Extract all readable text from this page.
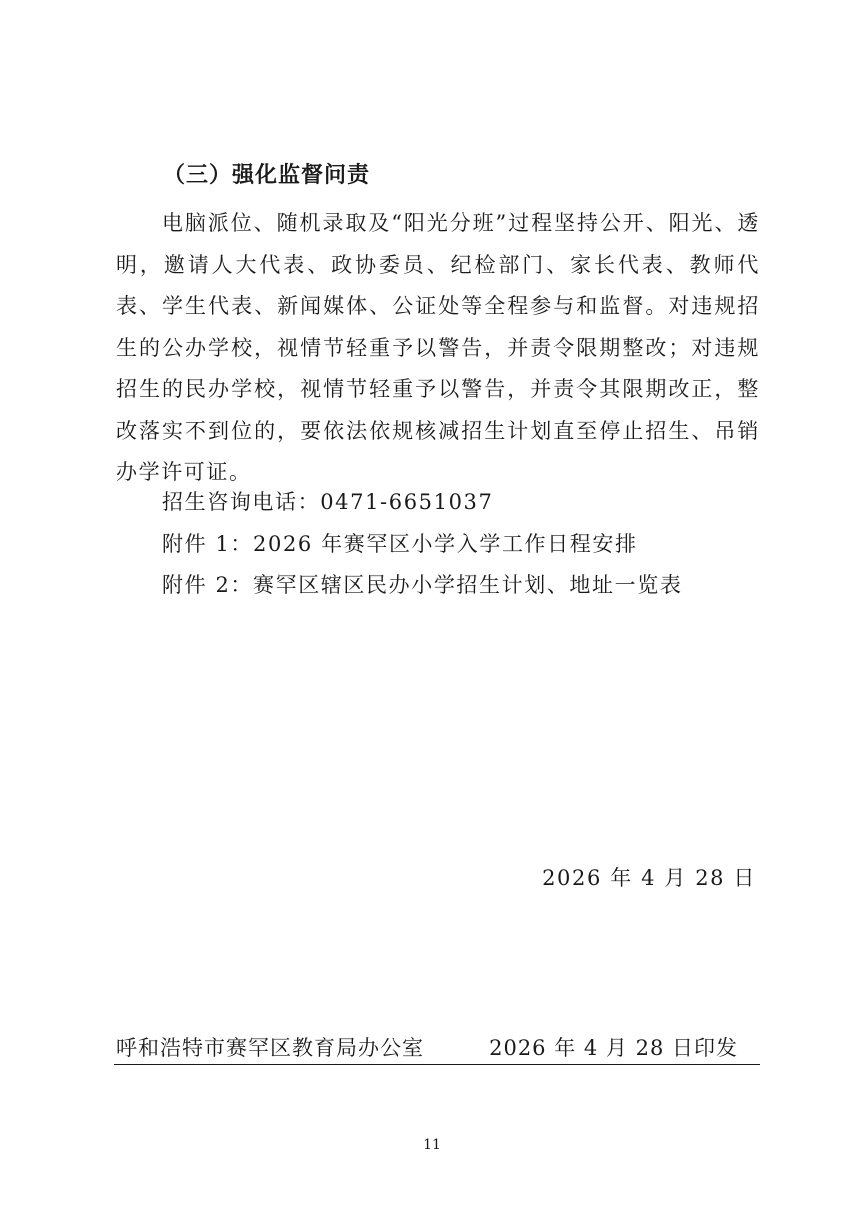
（三）强化监督问责
电脑派位、随机录取及“阳光分班”过程坚持公开、阳光、透明，邀请人大代表、政协委员、纪检部门、家长代表、教师代表、学生代表、新闻媒体、公证处等全程参与和监督。对违规招生的公办学校，视情节轻重予以警告，并责令限期整改；对违规招生的民办学校，视情节轻重予以警告，并责令其限期改正，整改落实不到位的，要依法依规核减招生计划直至停止招生、吊销办学许可证。
招生咨询电话：0471-6651037
附件 1：2026 年赛罕区小学入学工作日程安排
附件 2：赛罕区辖区民办小学招生计划、地址一览表
2026 年 4 月 28 日
呼和浩特市赛罕区教育局办公室	2026 年 4 月 28 日印发
11
